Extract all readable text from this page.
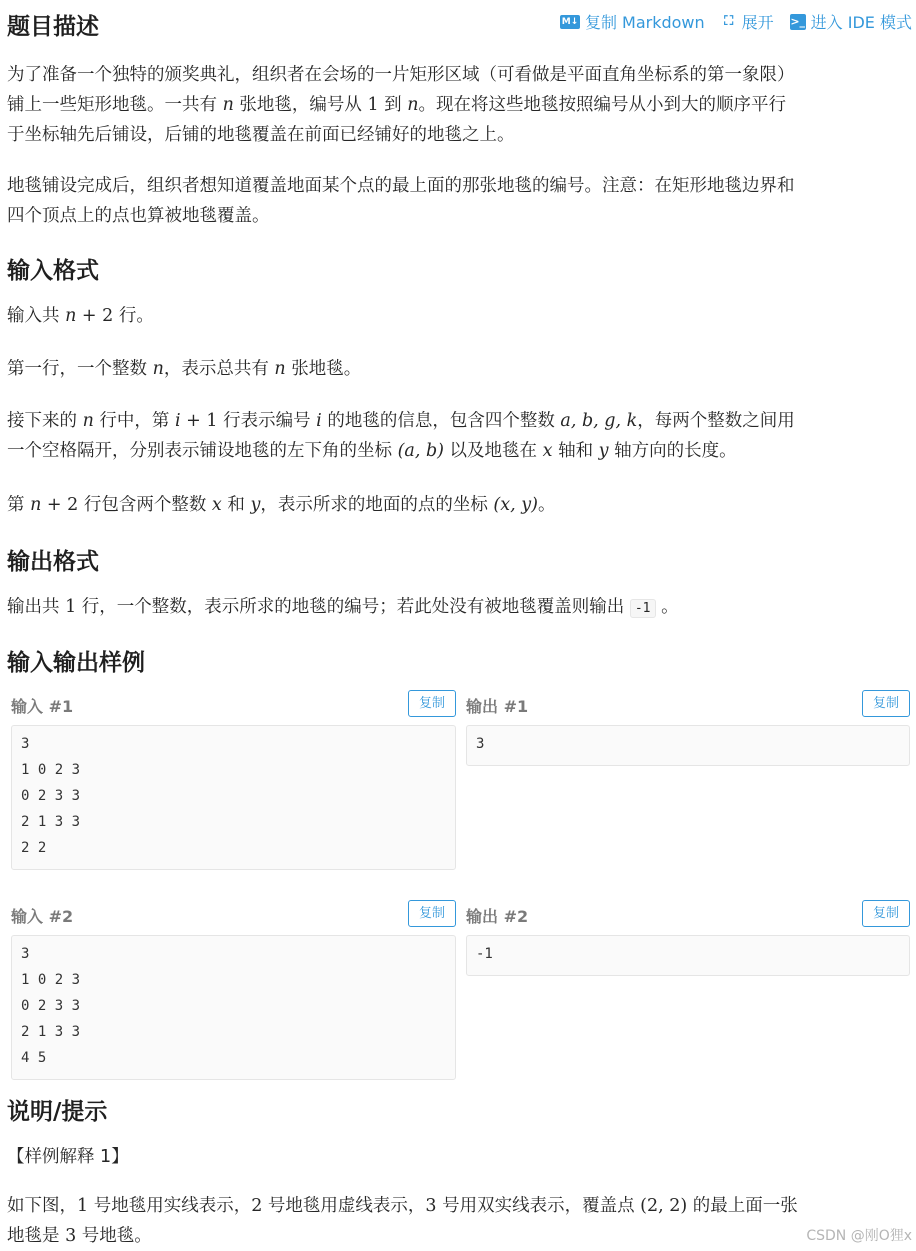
题目描述	M↓ 复制 Markdown ⛶ 展开 >_ 进入 IDE 模式

为了准备一个独特的颁奖典礼，组织者在会场的一片矩形区域（可看做是平面直角坐标系的第一象限）
铺上一些矩形地毯。一共有 n 张地毯，编号从 1 到 n。现在将这些地毯按照编号从小到大的顺序平行
于坐标轴先后铺设，后铺的地毯覆盖在前面已经铺好的地毯之上。

地毯铺设完成后，组织者想知道覆盖地面某个点的最上面的那张地毯的编号。注意：在矩形地毯边界和
四个顶点上的点也算被地毯覆盖。

输入格式

输入共 n + 2 行。

第一行，一个整数 n，表示总共有 n 张地毯。

接下来的 n 行中，第 i + 1 行表示编号 i 的地毯的信息，包含四个整数 a, b, g, k，每两个整数之间用
一个空格隔开，分别表示铺设地毯的左下角的坐标 (a, b) 以及地毯在 x 轴和 y 轴方向的长度。

第 n + 2 行包含两个整数 x 和 y，表示所求的地面的点的坐标 (x, y)。

输出格式

输出共 1 行，一个整数，表示所求的地毯的编号；若此处没有被地毯覆盖则输出 -1 。

输入输出样例
输入 #1	复制
3
1 0 2 3
0 2 3 3
2 1 3 3
2 2
输出 #1	复制
3
输入 #2	复制
3
1 0 2 3
0 2 3 3
2 1 3 3
4 5
输出 #2	复制
-1
说明/提示

【样例解释 1】

如下图，1 号地毯用实线表示，2 号地毯用虚线表示，3 号用双实线表示，覆盖点 (2, 2) 的最上面一张
地毯是 3 号地毯。	CSDN @刚O狸x
